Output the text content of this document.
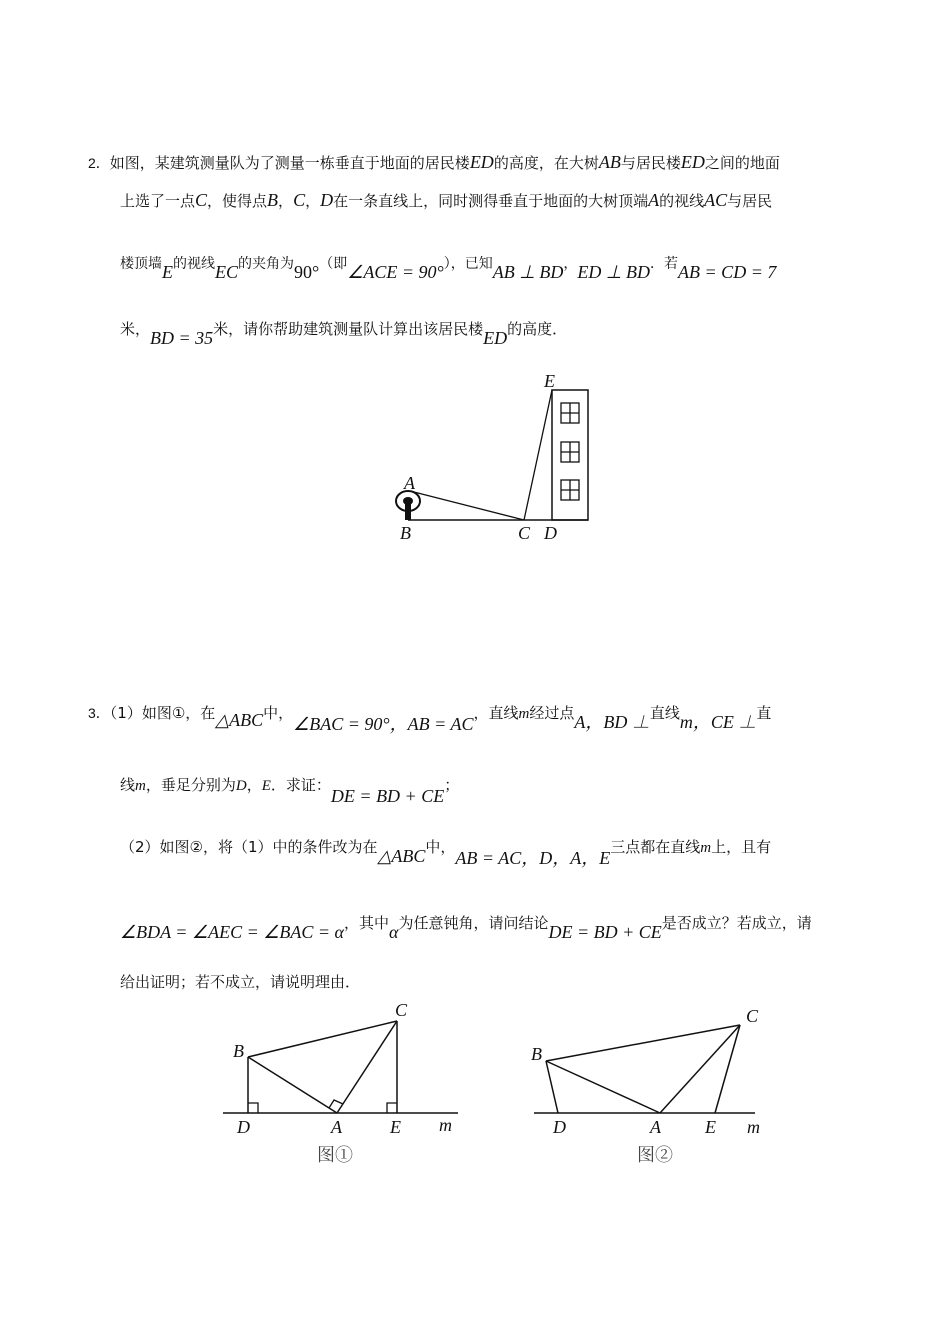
2．如图，某建筑测量队为了测量一栋垂直于地面的居民楼ED的高度，在大树AB与居民楼ED之间的地面
上选了一点C，使得点B，C，D在一条直线上，同时测得垂直于地面的大树顶端A的视线AC与居民
楼顶墙E的视线EC的夹角为90°（即∠ACE = 90°），已知AB ⊥ BD，ED ⊥ BD．若AB = CD = 7
米，BD = 35米，请你帮助建筑测量队计算出该居民楼ED的高度．
E
A
B	C D
3．（1）如图①，在△ABC中，∠BAC = 90°，AB = AC，直线m经过点A，BD ⊥直线m，CE ⊥直
线m，垂足分别为D，E．求证：DE = BD + CE；
（2）如图②，将（1）中的条件改为在△ABC中，AB = AC，D，A，E三点都在直线m上，且有
∠BDA = ∠AEC = ∠BAC = α，其中α为任意钝角，请问结论DE = BD + CE是否成立？若成立，请
给出证明；若不成立，请说明理由．
B
C
D	A	E m
图①
B
C
D	A E m
图②
